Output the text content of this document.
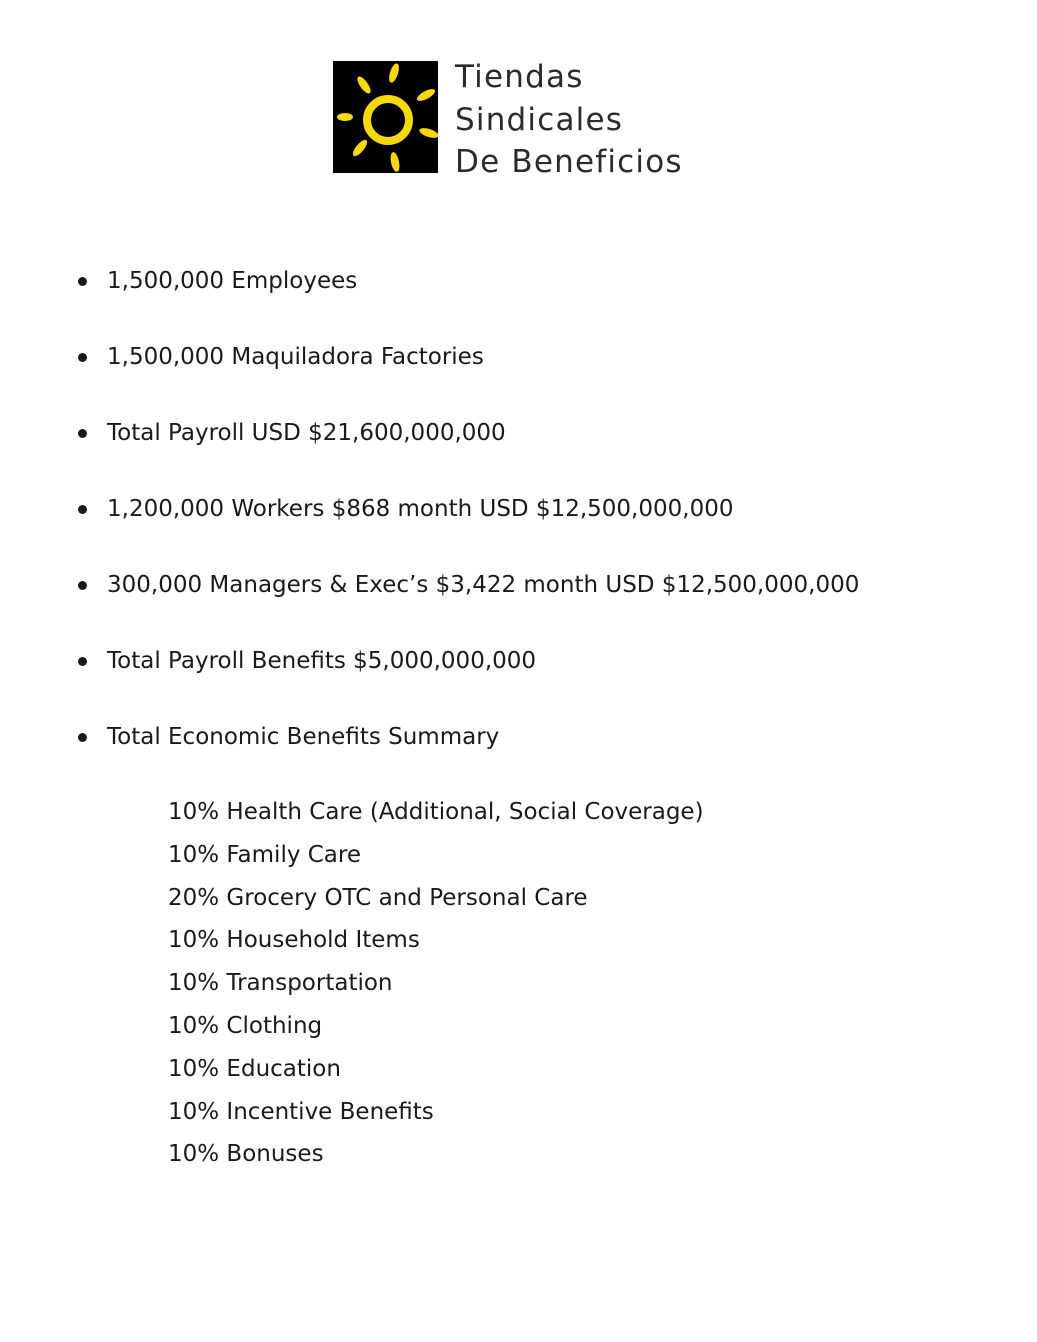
Tiendas
Sindicales
De Beneficios
1,500,000 Employees
1,500,000 Maquiladora Factories
Total Payroll USD $21,600,000,000
1,200,000 Workers $868 month USD $12,500,000,000
300,000 Managers & Exec’s $3,422 month USD $12,500,000,000
Total Payroll Benefits $5,000,000,000
Total Economic Benefits Summary
10% Health Care (Additional, Social Coverage)
10% Family Care
20% Grocery OTC and Personal Care
10% Household Items
10% Transportation
10% Clothing
10% Education
10% Incentive Benefits
10% Bonuses
